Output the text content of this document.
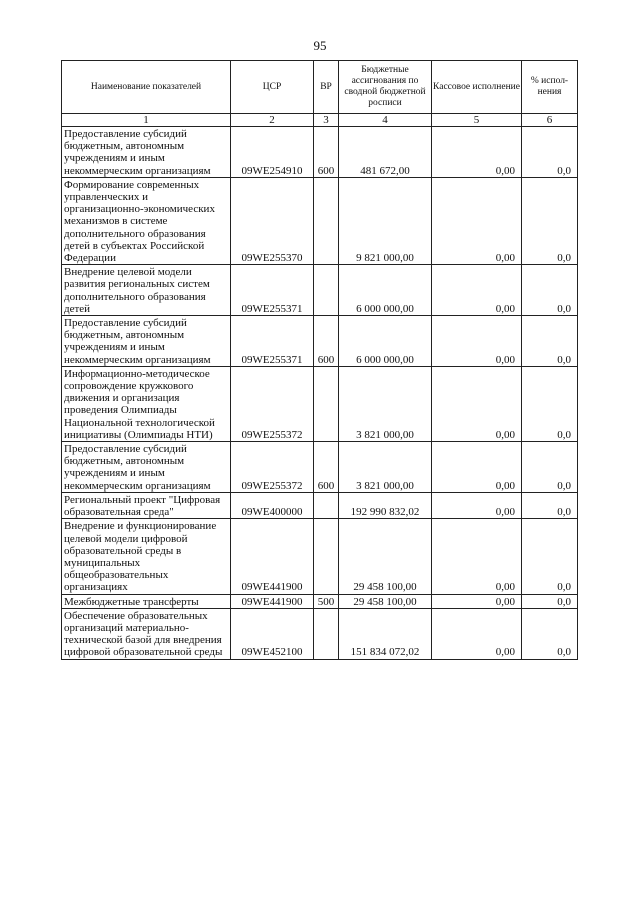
95
Наименование показателей	ЦСР	ВР	Бюджетные ассигнования по сводной бюджетной росписи	Кассовое исполнение	% испол-нения
1	2	3	4	5	6
Предоставление субсидий бюджетным, автономным учреждениям и иным некоммерческим организациям	09WE254910	600	481 672,00	0,00	0,0
Формирование современных управленческих и организационно-экономических механизмов в системе дополнительного образования детей в субъектах Российской Федерации	09WE255370		9 821 000,00	0,00	0,0
Внедрение целевой модели развития региональных систем дополнительного образования детей	09WE255371		6 000 000,00	0,00	0,0
Предоставление субсидий бюджетным, автономным учреждениям и иным некоммерческим организациям	09WE255371	600	6 000 000,00	0,00	0,0
Информационно-методическое сопровождение кружкового движения и организация проведения Олимпиады Национальной технологической инициативы (Олимпиады НТИ)	09WE255372		3 821 000,00	0,00	0,0
Предоставление субсидий бюджетным, автономным учреждениям и иным некоммерческим организациям	09WE255372	600	3 821 000,00	0,00	0,0
Региональный проект "Цифровая образовательная среда"	09WE400000		192 990 832,02	0,00	0,0
Внедрение и функционирование целевой модели цифровой образовательной среды в муниципальных общеобразовательных организациях	09WE441900		29 458 100,00	0,00	0,0
Межбюджетные трансферты	09WE441900	500	29 458 100,00	0,00	0,0
Обеспечение образовательных организаций материально-технической базой для внедрения цифровой образовательной среды	09WE452100		151 834 072,02	0,00	0,0
